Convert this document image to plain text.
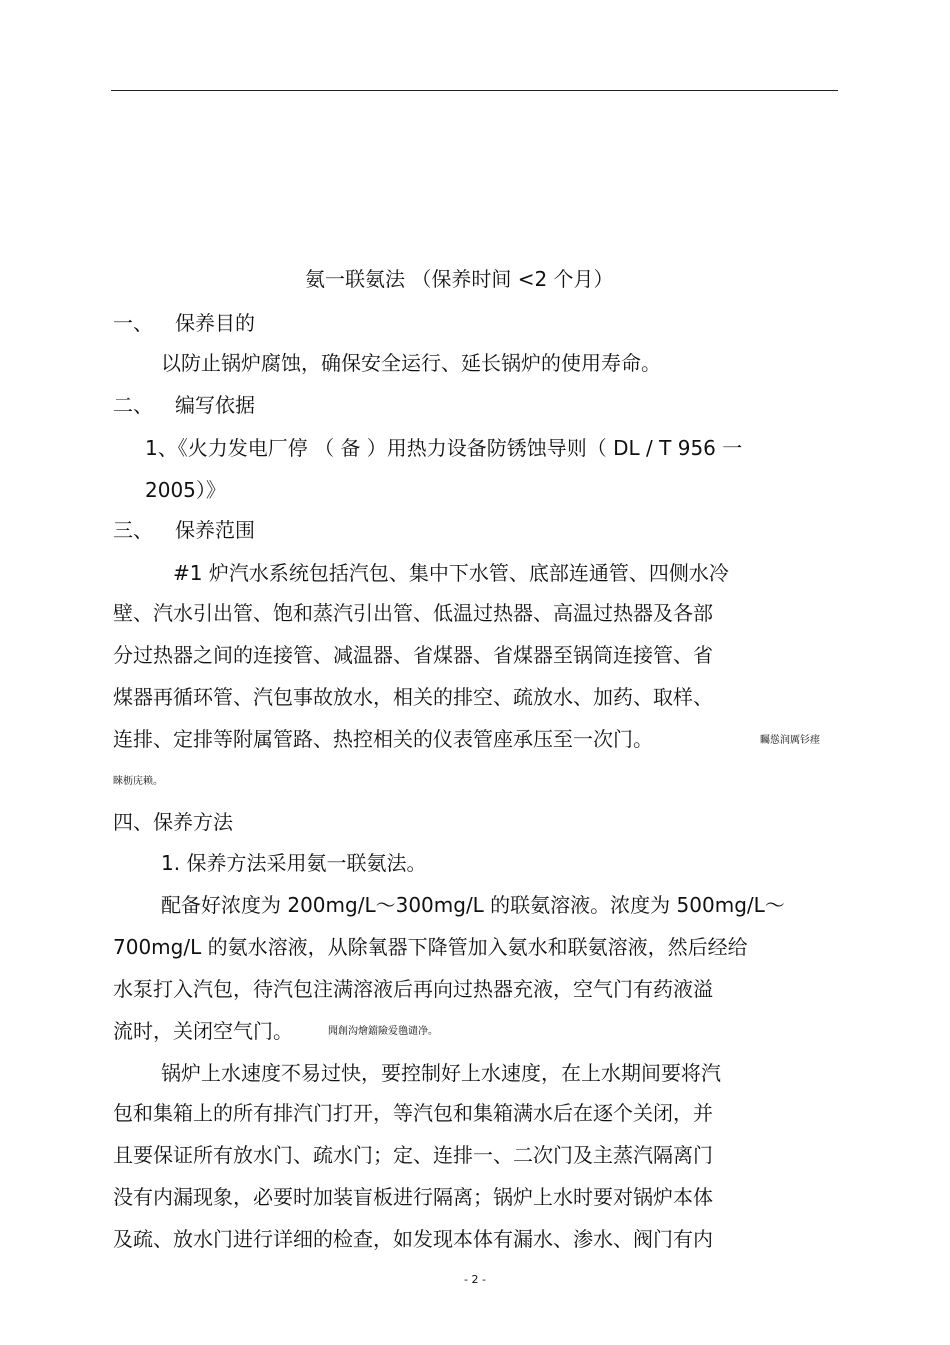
氨一联氨法 （保养时间 <2 个月）
一、 保养目的
以防止锅炉腐蚀，确保安全运行、延长锅炉的使用寿命。
二、 编写依据
1、《火力发电厂停 （ 备 ）用热力设备防锈蚀导则（ DL / T 956 一
2005）》
三、 保养范围
#1 炉汽水系统包括汽包、集中下水管、底部连通管、四侧水冷
壁、汽水引出管、饱和蒸汽引出管、低温过热器、高温过热器及各部
分过热器之间的连接管、减温器、省煤器、省煤器至锅筒连接管、省
煤器再循环管、汽包事故放水，相关的排空、疏放水、加药、取样、
连排、定排等附属管路、热控相关的仪表管座承压至一次门。	矚慫润厲钐瘗
睞枥庑赖。
四、保养方法
1. 保养方法采用氨一联氨法。
配备好浓度为 200mg/L～300mg/L 的联氨溶液。浓度为 500mg/L～
700mg/L 的氨水溶液，从除氧器下降管加入氨水和联氨溶液，然后经给
水泵打入汽包，待汽包注满溶液后再向过热器充液，空气门有药液溢
流时，关闭空气门。	聞創沟燴鐺險爱氇谴净。
锅炉上水速度不易过快，要控制好上水速度，在上水期间要将汽
包和集箱上的所有排汽门打开，等汽包和集箱满水后在逐个关闭，并
且要保证所有放水门、疏水门；定、连排一、二次门及主蒸汽隔离门
没有内漏现象，必要时加装盲板进行隔离；锅炉上水时要对锅炉本体
及疏、放水门进行详细的检查，如发现本体有漏水、渗水、阀门有内
- 2 -
